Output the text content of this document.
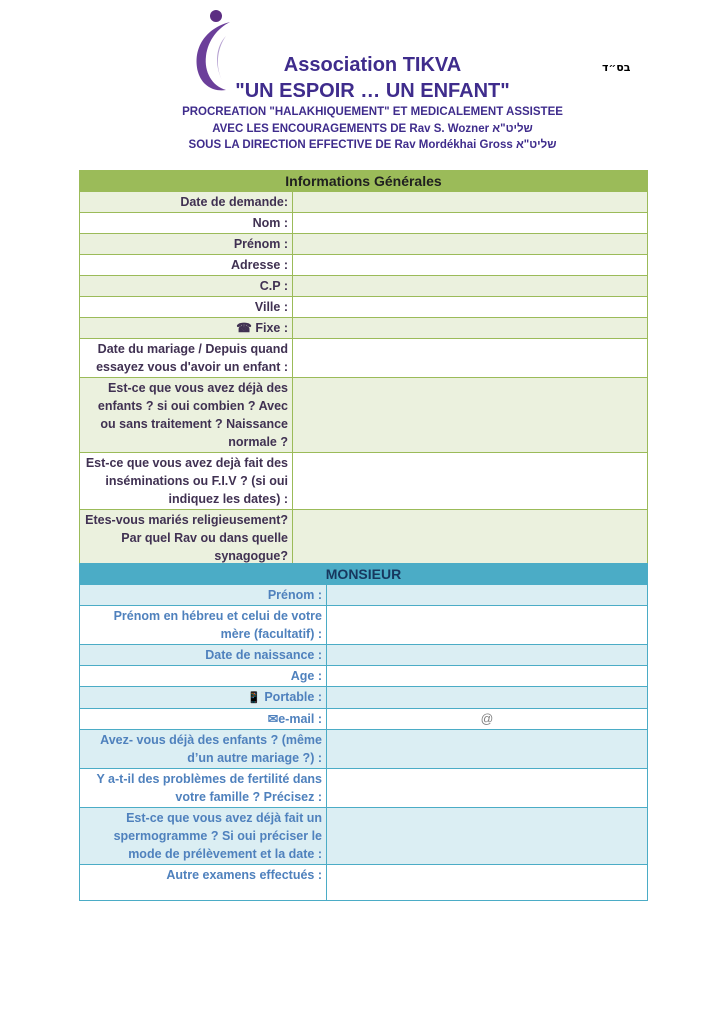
בס״ד
Association TIKVA
"UN ESPOIR … UN ENFANT"
PROCREATION "HALAKHIQUEMENT" ET MEDICALEMENT ASSISTEE
AVEC LES ENCOURAGEMENTS DE Rav S. Wozner שליט"א
SOUS LA DIRECTION EFFECTIVE DE Rav Mordékhai Gross שליט"א
Informations Générales	
Date de demande:	
Nom :	
Prénom :	
Adresse :	
C.P :	
Ville :	
☎ Fixe :	
Date du mariage / Depuis quand essayez vous d'avoir un enfant :	
Est-ce que vous avez déjà des enfants ? si oui combien ? Avec ou sans traitement ? Naissance normale ?	
Est-ce que vous avez dejà fait des inséminations ou F.I.V ? (si oui indiquez les dates) :	
Etes-vous mariés religieusement? Par quel Rav ou dans quelle synagogue?	
MONSIEUR	
Prénom :	
Prénom en hébreu et celui de votre mère (facultatif) :	
Date de naissance :	
Age :	
📱 Portable :	
✉e-mail :	@
Avez- vous déjà des enfants ? (même d’un autre mariage ?) :	
Y a-t-il des problèmes de fertilité dans votre famille ? Précisez :	
Est-ce que vous avez déjà fait un spermogramme ? Si oui préciser le mode de prélèvement et la date :	
Autre examens effectués :	
